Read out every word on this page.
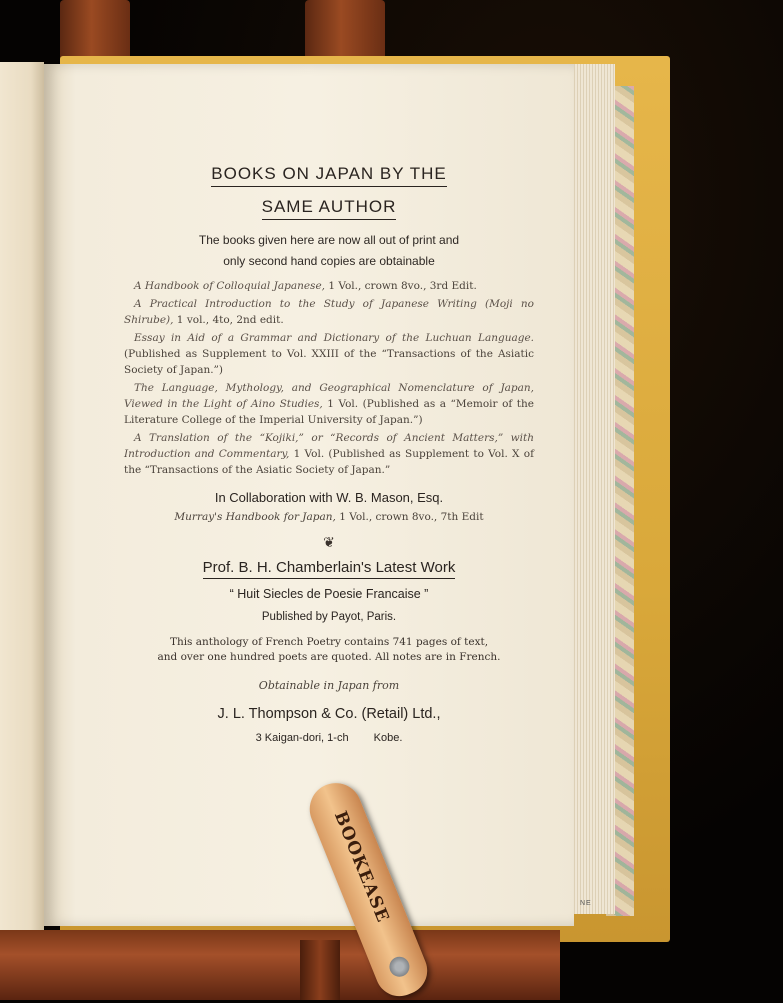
BOOKS ON JAPAN BY THE
SAME AUTHOR

The books given here are now all out of print and
only second hand copies are obtainable

A Handbook of Colloquial Japanese, 1 Vol., crown 8vo., 3rd Edit.

A Practical Introduction to the Study of Japanese Writing (Moji no Shirube), 1 vol., 4to, 2nd edit.

Essay in Aid of a Grammar and Dictionary of the Luchuan Language. (Published as Supplement to Vol. XXIII of the “Transactions of the Asiatic Society of Japan.”)

The Language, Mythology, and Geographical Nomenclature of Japan, Viewed in the Light of Aino Studies, 1 Vol. (Published as a “Memoir of the Literature College of the Imperial University of Japan.”)

A Translation of the “Kojiki,” or “Records of Ancient Matters,” with Introduction and Commentary, 1 Vol. (Published as Supplement to Vol. X of the “Transactions of the Asiatic Society of Japan.”

In Collaboration with W. B. Mason, Esq.
Murray's Handbook for Japan, 1 Vol., crown 8vo., 7th Edit
❦
Prof. B. H. Chamberlain's Latest Work
“ Huit Siecles de Poesie Francaise ”
Published by Payot, Paris.
This anthology of French Poetry contains 741 pages of text,
and over one hundred poets are quoted. All notes are in French.
Obtainable in Japan from
J. L. Thompson & Co. (Retail) Ltd.,
3 Kaigan-dori, 1-ch   Kobe.
NE
BOOKEASE
